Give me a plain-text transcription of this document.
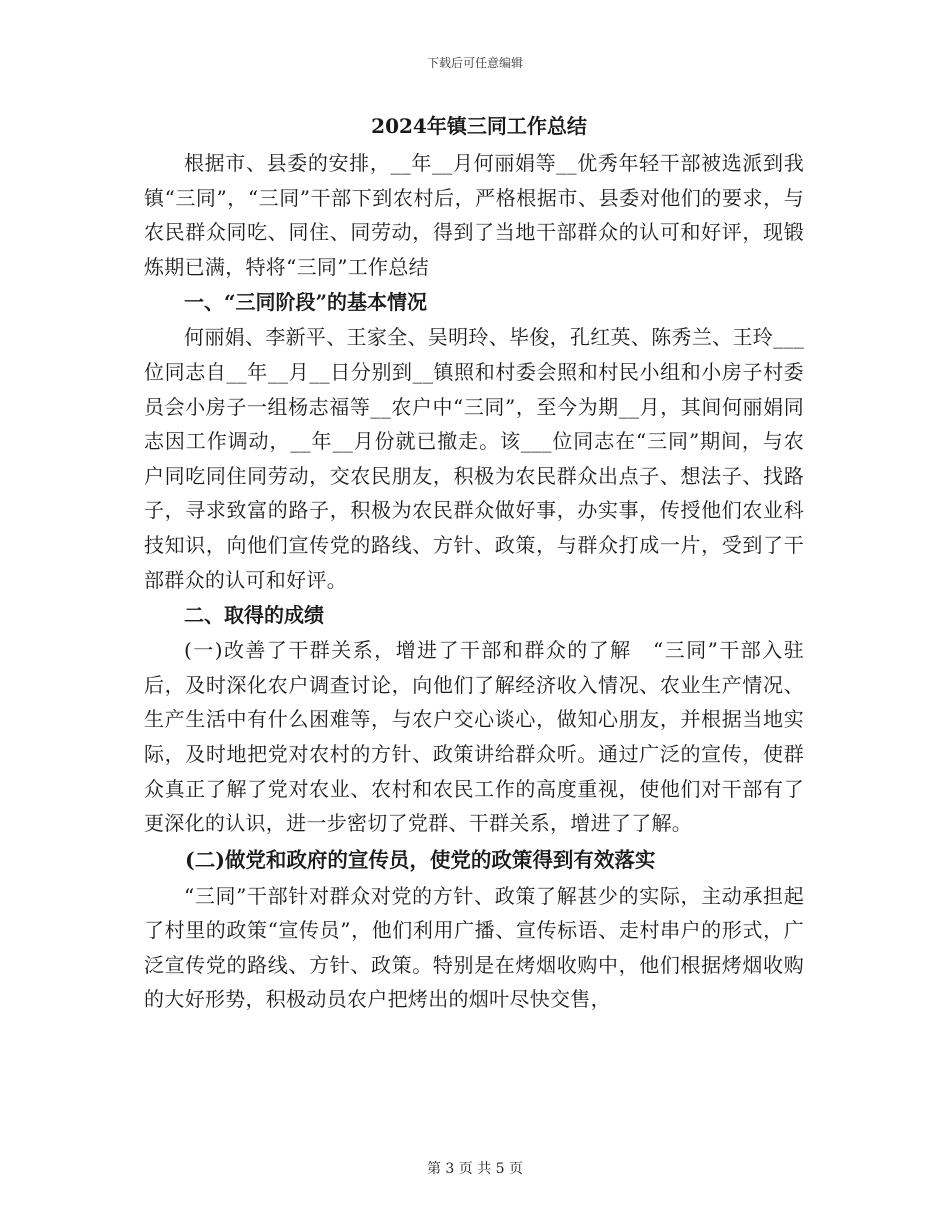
下载后可任意编辑

2024年镇三同工作总结

根据市、县委的安排，__年__月何丽娟等__优秀年轻干部被选派到我镇“三同”，“三同”干部下到农村后，严格根据市、县委对他们的要求，与农民群众同吃、同住、同劳动，得到了当地干部群众的认可和好评，现锻炼期已满，特将“三同”工作总结

一、“三同阶段”的基本情况

何丽娟、李新平、王家全、吴明玲、毕俊，孔红英、陈秀兰、王玲___位同志自__年__月__日分别到__镇照和村委会照和村民小组和小房子村委员会小房子一组杨志福等__农户中“三同”，至今为期__月，其间何丽娟同志因工作调动，__年__月份就已撤走。该___位同志在“三同”期间，与农户同吃同住同劳动，交农民朋友，积极为农民群众出点子、想法子、找路子，寻求致富的路子，积极为农民群众做好事，办实事，传授他们农业科技知识，向他们宣传党的路线、方针、政策，与群众打成一片，受到了干部群众的认可和好评。

二、取得的成绩

(一)改善了干群关系，增进了干部和群众的了解　“三同”干部入驻后，及时深化农户调查讨论，向他们了解经济收入情况、农业生产情况、生产生活中有什么困难等，与农户交心谈心，做知心朋友，并根据当地实际，及时地把党对农村的方针、政策讲给群众听。通过广泛的宣传，使群众真正了解了党对农业、农村和农民工作的高度重视，使他们对干部有了更深化的认识，进一步密切了党群、干群关系，增进了了解。

(二)做党和政府的宣传员，使党的政策得到有效落实

“三同”干部针对群众对党的方针、政策了解甚少的实际，主动承担起了村里的政策“宣传员”，他们利用广播、宣传标语、走村串户的形式，广泛宣传党的路线、方针、政策。特别是在烤烟收购中，他们根据烤烟收购的大好形势，积极动员农户把烤出的烟叶尽快交售，

第 3 页 共 5 页
